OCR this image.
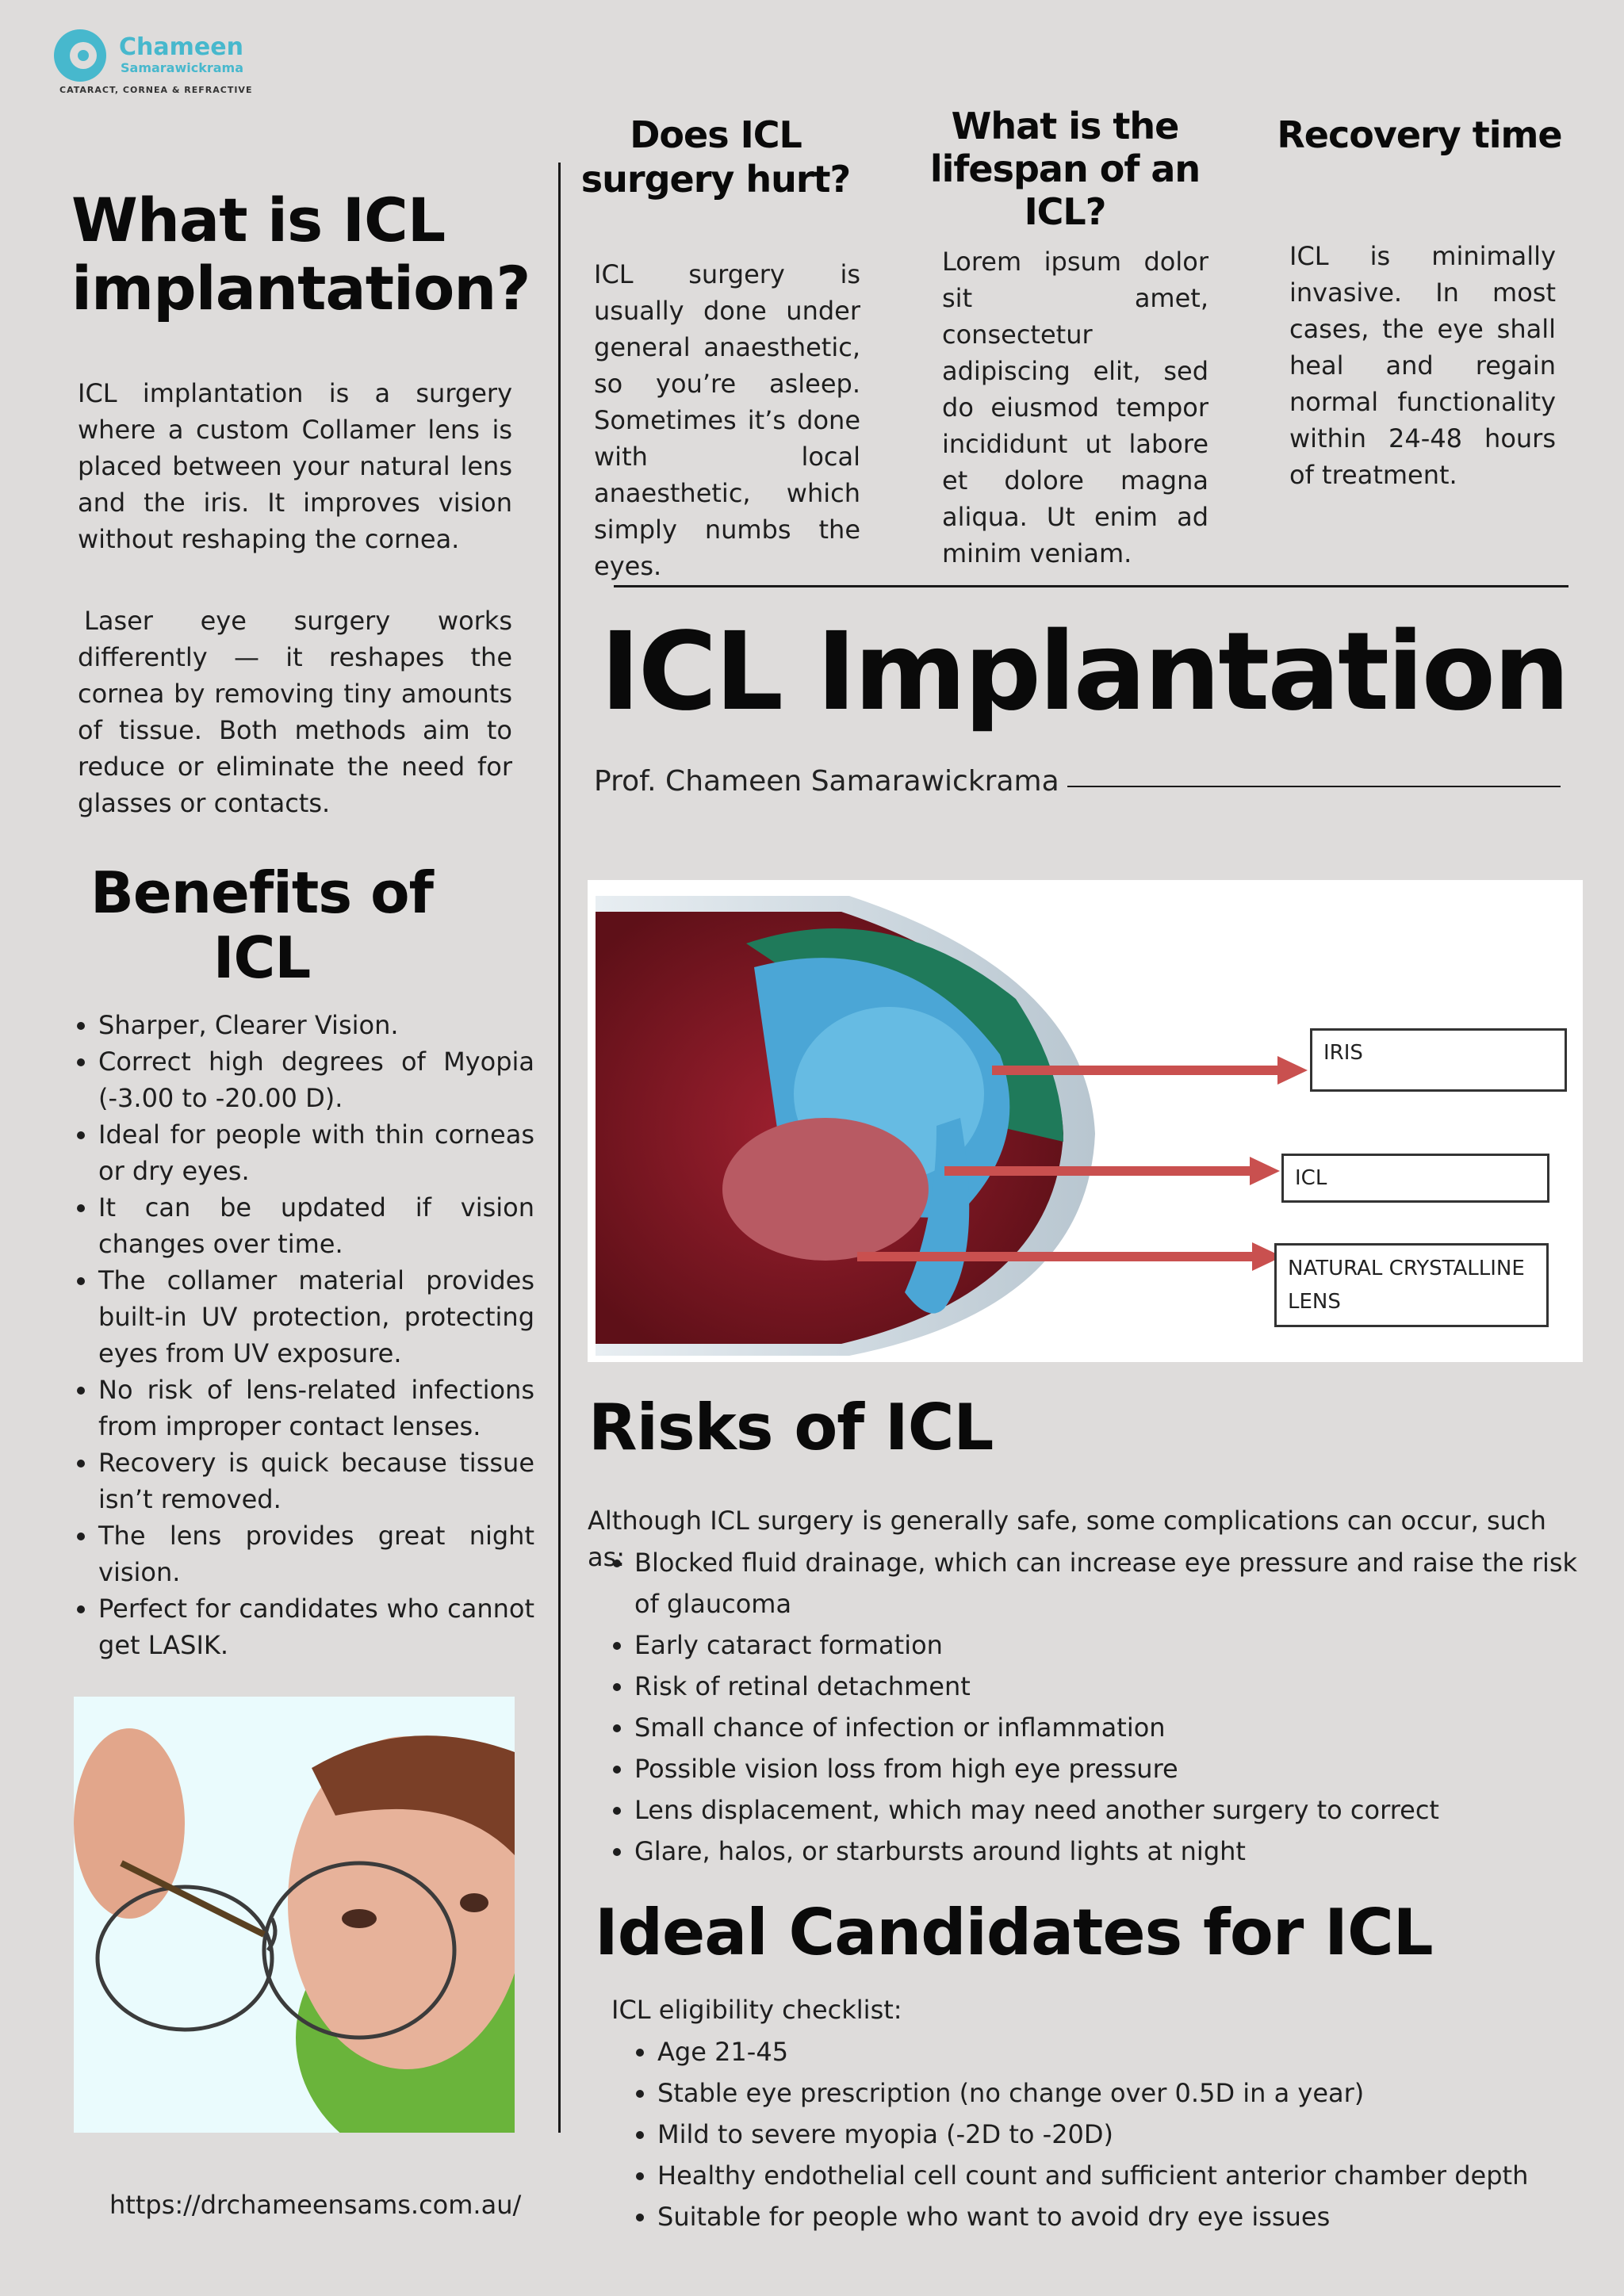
Chameen
Samarawickrama
CATARACT, CORNEA & REFRACTIVE
What is ICL
implantation?
ICL implantation is a surgery where a custom Collamer lens is placed between your natural lens and the iris. It improves vision without reshaping the cornea.
Laser eye surgery works differently — it reshapes the cornea by removing tiny amounts of tissue. Both methods aim to reduce or eliminate the need for glasses or contacts.
Benefits of
ICL
• Sharper, Clearer Vision.
• Correct high degrees of Myopia (-3.00 to -20.00 D).
• Ideal for people with thin corneas or dry eyes.
• It can be updated if vision changes over time.
• The collamer material provides built-in UV protection, protecting eyes from UV exposure.
• No risk of lens-related infections from improper contact lenses.
• Recovery is quick because tissue isn’t removed.
• The lens provides great night vision.
• Perfect for candidates who cannot get LASIK.
https://drchameensams.com.au/
Does ICL
surgery hurt?
ICL surgery is usually done under general anaesthetic, so you’re asleep. Sometimes it’s done with local anaesthetic, which simply numbs the eyes.
What is the
lifespan of an
ICL?
Lorem ipsum dolor sit amet, consectetur adipiscing elit, sed do eiusmod tempor incididunt ut labore et dolore magna aliqua. Ut enim ad minim veniam.
Recovery time
ICL is minimally invasive. In most cases, the eye shall heal and regain normal functionality within 24-48 hours of treatment.
ICL Implantation
Prof. Chameen Samarawickrama
IRIS
ICL
NATURAL CRYSTALLINE
LENS
Risks of ICL
Although ICL surgery is generally safe, some complications can occur, such as:
• Blocked fluid drainage, which can increase eye pressure and raise the risk of glaucoma
• Early cataract formation
• Risk of retinal detachment
• Small chance of infection or inflammation
• Possible vision loss from high eye pressure
• Lens displacement, which may need another surgery to correct
• Glare, halos, or starbursts around lights at night
Ideal Candidates for ICL
ICL eligibility checklist:
• Age 21-45
• Stable eye prescription (no change over 0.5D in a year)
• Mild to severe myopia (-2D to -20D)
• Healthy endothelial cell count and sufficient anterior chamber depth
• Suitable for people who want to avoid dry eye issues
